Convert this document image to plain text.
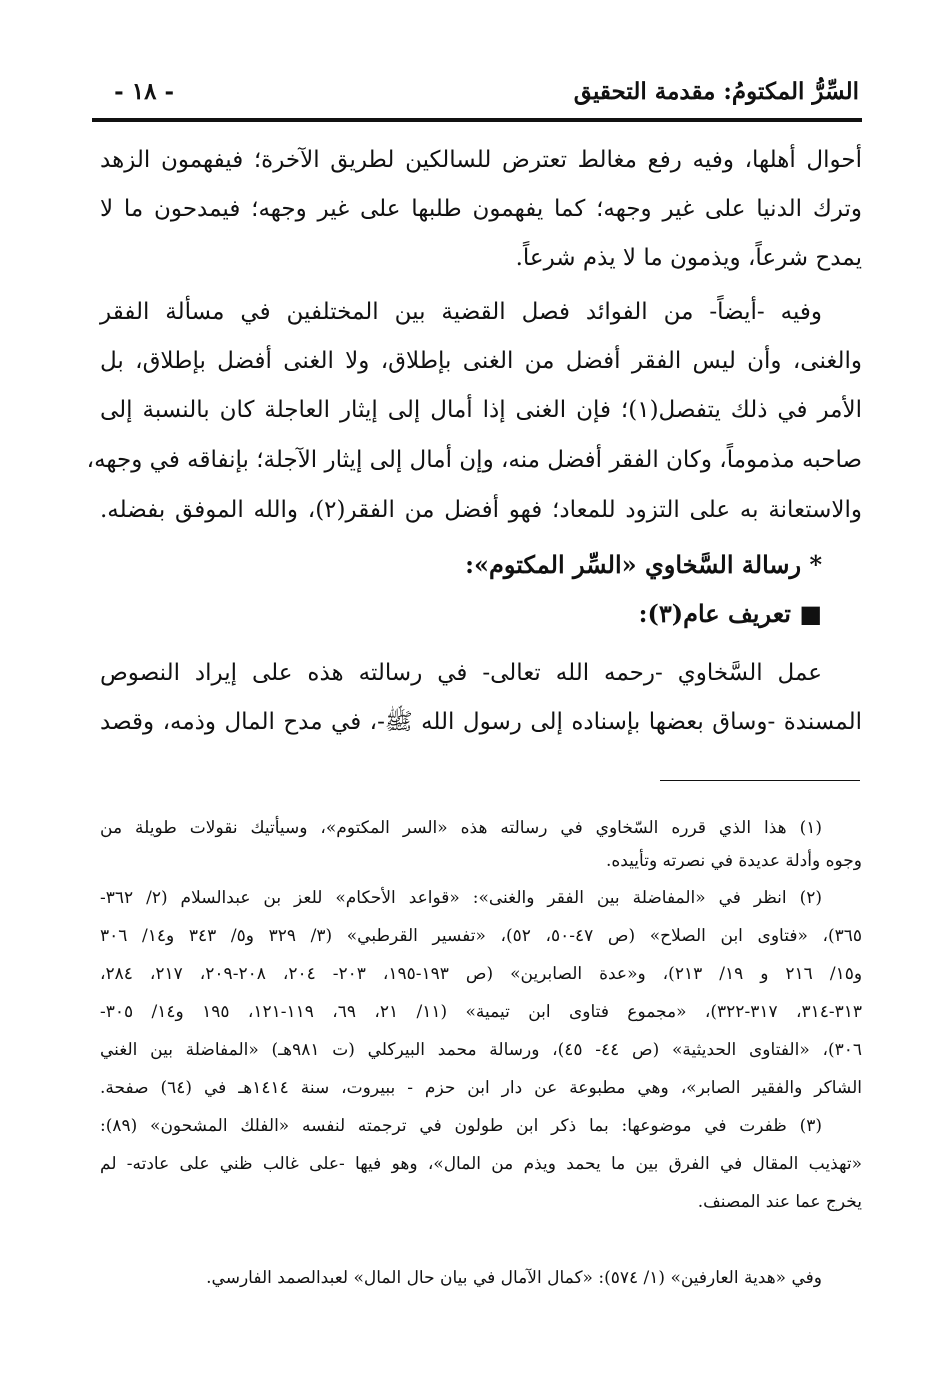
السِّرُّ المكتومُ: مقدمة التحقيق
- ١٨ -
أحوال أهلها، وفيه رفع مغالط تعترض للسالكين لطريق الآخرة؛ فيفهمون الزهد
وترك الدنيا على غير وجهه؛ كما يفهمون طلبها على غير وجهه؛ فيمدحون ما لا
يمدح شرعاً، ويذمون ما لا يذم شرعاً.
وفيه -أيضاً- من الفوائد فصل القضية بين المختلفين في مسألة الفقر
والغنى، وأن ليس الفقر أفضل من الغنى بإطلاق، ولا الغنى أفضل بإطلاق، بل
الأمر في ذلك يتفصل(١)؛ فإن الغنى إذا أمال إلى إيثار العاجلة كان بالنسبة إلى
صاحبه مذموماً، وكان الفقر أفضل منه، وإن أمال إلى إيثار الآجلة؛ بإنفاقه في وجهه،
والاستعانة به على التزود للمعاد؛ فهو أفضل من الفقر(٢)، والله الموفق بفضله.
* رسالة السَّخاوي «السِّر المكتوم»:
■ تعريف عام(٣):
عمل السَّخاوي -رحمه الله تعالى- في رسالته هذه على إيراد النصوص
المسندة -وساق بعضها بإسناده إلى رسول الله ﷺ-، في مدح المال وذمه، وقصد
(١) هذا الذي قرره السّخاوي في رسالته هذه «السر المكتوم»، وسيأتيك نقولات طويلة من
وجوه وأدلة عديدة في نصرته وتأييده.
(٢) انظر في «المفاضلة بين الفقر والغنى»: «قواعد الأحكام» للعز بن عبدالسلام (٢/ ٣٦٢-
٣٦٥)، «فتاوى ابن الصلاح» (ص ٤٧-٥٠، ٥٢)، «تفسير القرطبي» (٣/ ٣٢٩ و٥/ ٣٤٣ و١٤/ ٣٠٦
و١٥/ ٢١٦ و ١٩/ ٢١٣)، و«عدة الصابرين» (ص ١٩٣-١٩٥، ٢٠٣- ٢٠٤، ٢٠٨-٢٠٩، ٢١٧، ٢٨٤،
٣١٣-٣١٤، ٣١٧-٣٢٢)، «مجموع فتاوى ابن تيمية» (١١/ ٢١، ٦٩، ١١٩-١٢١، ١٩٥ و١٤/ ٣٠٥-
٣٠٦)، «الفتاوى الحديثية» (ص ٤٤- ٤٥)، ورسالة محمد البيركلي (ت ٩٨١هـ) «المفاضلة بين الغني
الشاكر والفقير الصابر»، وهي مطبوعة عن دار ابن حزم - ببيروت، سنة ١٤١٤هـ في (٦٤) صفحة.
(٣) ظفرت في موضوعها: بما ذكر ابن طولون في ترجمته لنفسه «الفلك المشحون» (٨٩):
«تهذيب المقال في الفرق بين ما يحمد ويذم من المال»، وهو فيها -على غالب ظني على عادته- لم
يخرج عما عند المصنف.
وفي «هدية العارفين» (١/ ٥٧٤): «كمال الآمال في بيان حال المال» لعبدالصمد الفارسي.
